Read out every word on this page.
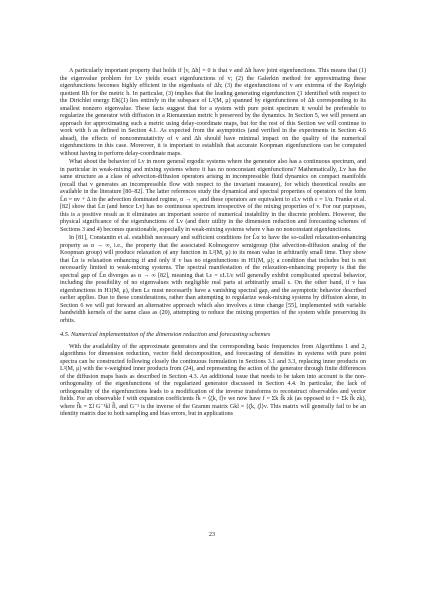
A particularly important property that holds if [v, Δh] = 0 is that v and Δh have joint eigenfunctions. This means that (1) the eigenvalue problem for Lv yields exact eigenfunctions of v; (2) the Galerkin method for approximating these eigenfunctions becomes highly efficient in the eigenbasis of Δh; (3) the eigenfunctions of v are extrema of the Rayleigh quotient Rh for the metric h. In particular, (3) implies that the leading generating eigenfunction ζ1 identified with respect to the Dirichlet energy Eh(ζ1) lies entirely in the subspace of L²(M, μ) spanned by eigenfunctions of Δh corresponding to its smallest nonzero eigenvalue. These facts suggest that for a system with pure point spectrum it would be preferable to regularize the generator with diffusion in a Riemannian metric h preserved by the dynamics. In Section 5, we will present an approach for approximating such a metric using delay-coordinate maps, but for the rest of this Section we will continue to work with h as defined in Section 4.1. As expected from the asymptotics (and verified in the experiments in Section 4.6 ahead), the effects of noncommutativity of v and Δh should have minimal impact on the quality of the numerical eigenfunctions in this case. Moreover, it is important to establish that accurate Koopman eigenfunctions can be computed without having to perform delay-coordinate maps.

What about the behavior of Lv in more general ergodic systems where the generator also has a continuous spectrum, and in particular in weak-mixing and mixing systems where it has no nonconstant eigenfunctions? Mathematically, Lv has the same structure as a class of advection-diffusion operators arising in incompressible fluid dynamics on compact manifolds (recall that v generates an incompressible flow with respect to the invariant measure), for which theoretical results are available in the literature [80–82]. The latter references study the dynamical and spectral properties of operators of the form L̂α = αv + Δ in the advection dominated regime, α → ∞, and these operators are equivalent to εLv with ε = 1/α. Franke et al. [82] show that L̂α (and hence Lv) has no continuous spectrum irrespective of the mixing properties of v. For our purposes, this is a positive result as it eliminates an important source of numerical instability in the discrete problem. However, the physical significance of the eigenfunctions of Lv (and their utility in the dimension reduction and forecasting schemes of Sections 3 and 4) becomes questionable, especially in weak-mixing systems where v has no nonconstant eigenfunctions.

In [81], Constantin et al. establish necessary and sufficient conditions for L̂α to have the so-called relaxation-enhancing property as α → ∞, i.e., the property that the associated Kolmogorov semigroup (the advection-diffusion analog of the Koopman group) will produce relaxation of any function in L²(M, μ) to its mean value in arbitrarily small time. They show that L̂α is relaxation enhancing if and only if v has no eigenfunctions in H1(M, μ); a condition that includes but is not necessarily limited to weak-mixing systems. The spectral manifestation of the relaxation-enhancing property is that the spectral gap of L̂α diverges as α → ∞ [82], meaning that Lε = εL1/ε will generally exhibit complicated spectral behavior, including the possibility of no eigenvalues with negligible real parts at arbitrarily small ε. On the other hand, if v has eigenfunctions in H1(M, μ), then Lε must necessarily have a vanishing spectral gap, and the asymptotic behavior described earlier applies. Due to these considerations, rather than attempting to regularize weak-mixing systems by diffusion alone, in Section 6 we will put forward an alternative approach which also involves a time change [55], implemented with variable bandwidth kernels of the same class as (20), attempting to reduce the mixing properties of the system while preserving its orbits.

4.5. Numerical implementation of the dimension reduction and forecasting schemes

With the availability of the approximate generators and the corresponding basic frequencies from Algorithms 1 and 2, algorithms for dimension reduction, vector field decomposition, and forecasting of densities in systems with pure point spectra can be constructed following closely the continuous formulation in Sections 3.1 and 3.3, replacing inner products on L²(M, μ) with the ν-weighted inner products from (24), and representing the action of the generator through finite differences of the diffusion maps basis as described in Section 4.3. An additional issue that needs to be taken into account is the non-orthogonality of the eigenfunctions of the regularized generator discussed in Section 4.4. In particular, the lack of orthogonality of the eigenfunctions leads to a modification of the inverse transforms to reconstruct observables and vector fields. For an observable f with expansion coefficients f̂k = ⟨ζk, f⟩ν we now have f = Σk f̂k zk (as opposed to f = Σk f̂k zk), where f̂k = Σl G⁻¹kl f̂l, and G⁻¹ is the inverse of the Gramm matrix Gkl = ⟨ζk, ζl⟩ν. This matrix will generally fail to be an identity matrix due to both sampling and bias errors, but in applications

23
